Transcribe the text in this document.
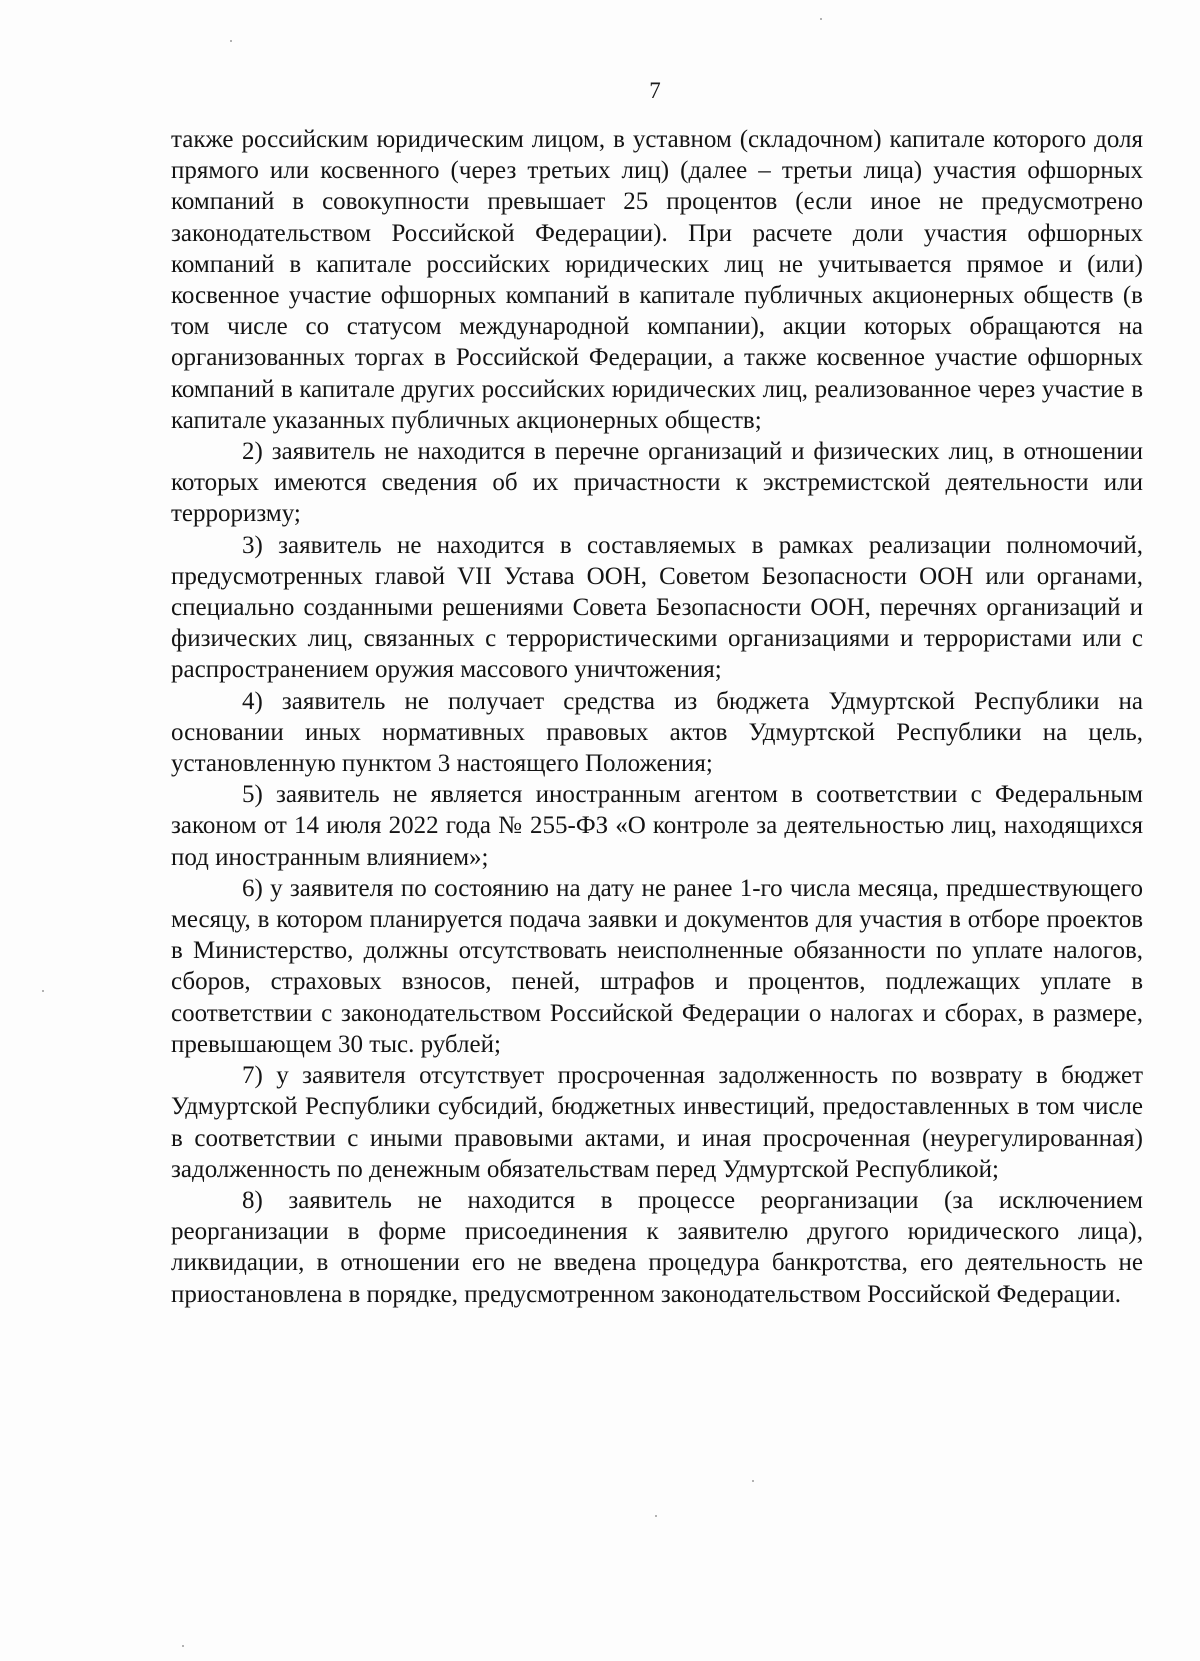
7

также российским юридическим лицом, в уставном (складочном) капитале которого доля прямого или косвенного (через третьих лиц) (далее – третьи лица) участия офшорных компаний в совокупности превышает 25 процентов (если иное не предусмотрено законодательством Российской Федерации). При расчете доли участия офшорных компаний в капитале российских юридических лиц не учитывается прямое и (или) косвенное участие офшорных компаний в капитале публичных акционерных обществ (в том числе со статусом международной компании), акции которых обращаются на организованных торгах в Российской Федерации, а также косвенное участие офшорных компаний в капитале других российских юридических лиц, реализованное через участие в капитале указанных публичных акционерных обществ;

2) заявитель не находится в перечне организаций и физических лиц, в отношении которых имеются сведения об их причастности к экстремистской деятельности или терроризму;

3) заявитель не находится в составляемых в рамках реализации полномочий, предусмотренных главой VII Устава ООН, Советом Безопасности ООН или органами, специально созданными решениями Совета Безопасности ООН, перечнях организаций и физических лиц, связанных с террористическими организациями и террористами или с распространением оружия массового уничтожения;

4) заявитель не получает средства из бюджета Удмуртской Республики на основании иных нормативных правовых актов Удмуртской Республики на цель, установленную пунктом 3 настоящего Положения;

5) заявитель не является иностранным агентом в соответствии с Федеральным законом от 14 июля 2022 года № 255-ФЗ «О контроле за деятельностью лиц, находящихся под иностранным влиянием»;

6) у заявителя по состоянию на дату не ранее 1-го числа месяца, предшествующего месяцу, в котором планируется подача заявки и документов для участия в отборе проектов в Министерство, должны отсутствовать неисполненные обязанности по уплате налогов, сборов, страховых взносов, пеней, штрафов и процентов, подлежащих уплате в соответствии с законодательством Российской Федерации о налогах и сборах, в размере, превышающем 30 тыс. рублей;

7) у заявителя отсутствует просроченная задолженность по возврату в бюджет Удмуртской Республики субсидий, бюджетных инвестиций, предоставленных в том числе в соответствии с иными правовыми актами, и иная просроченная (неурегулированная) задолженность по денежным обязательствам перед Удмуртской Республикой;

8) заявитель не находится в процессе реорганизации (за исключением реорганизации в форме присоединения к заявителю другого юридического лица), ликвидации, в отношении его не введена процедура банкротства, его деятельность не приостановлена в порядке, предусмотренном законодательством Российской Федерации.
